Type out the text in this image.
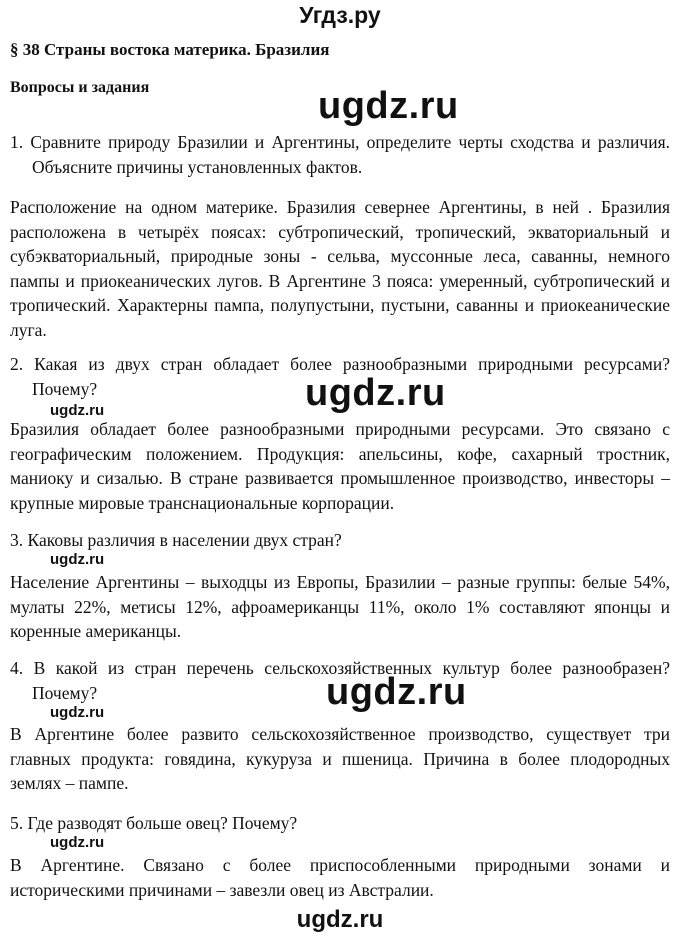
Угдз.ру
§ 38 Страны востока материка. Бразилия
Вопросы и задания

1. Сравните природу Бразилии и Аргентины, определите черты сходства и различия. Объясните причины установленных фактов.

Расположение на одном материке. Бразилия севернее Аргентины, в ней . Бразилия расположена в четырёх поясах: субтропический, тропический, экваториальный и субэкваториальный, природные зоны - сельва, муссонные леса, саванны, немного пампы и приокеанических лугов. В Аргентине 3 пояса: умеренный, субтропический и тропический. Характерны пампа, полупустыни, пустыни, саванны и приокеанические луга.

2. Какая из двух стран обладает более разнообразными природными ресурсами? Почему?

Бразилия обладает более разнообразными природными ресурсами. Это связано с географическим положением. Продукция: апельсины, кофе, сахарный тростник, маниоку и сизалью. В стране развивается промышленное производство, инвесторы – крупные мировые транснациональные корпорации.

3. Каковы различия в населении двух стран?

Население Аргентины – выходцы из Европы, Бразилии – разные группы: белые 54%, мулаты 22%, метисы 12%, афроамериканцы 11%, около 1% составляют японцы и коренные американцы.

4. В какой из стран перечень сельскохозяйственных культур более разнообразен? Почему?

В Аргентине более развито сельскохозяйственное производство, существует три главных продукта: говядина, кукуруза и пшеница. Причина в более плодородных землях – пампе.

5. Где разводят больше овец? Почему?

В Аргентине. Связано с более приспособленными природными зонами и историческими причинами – завезли овец из Австралии.

ugdz.ru
ugdz.ru
ugdz.ru
ugdz.ru
ugdz.ru
ugdz.ru
ugdz.ru
ugdz.ru
